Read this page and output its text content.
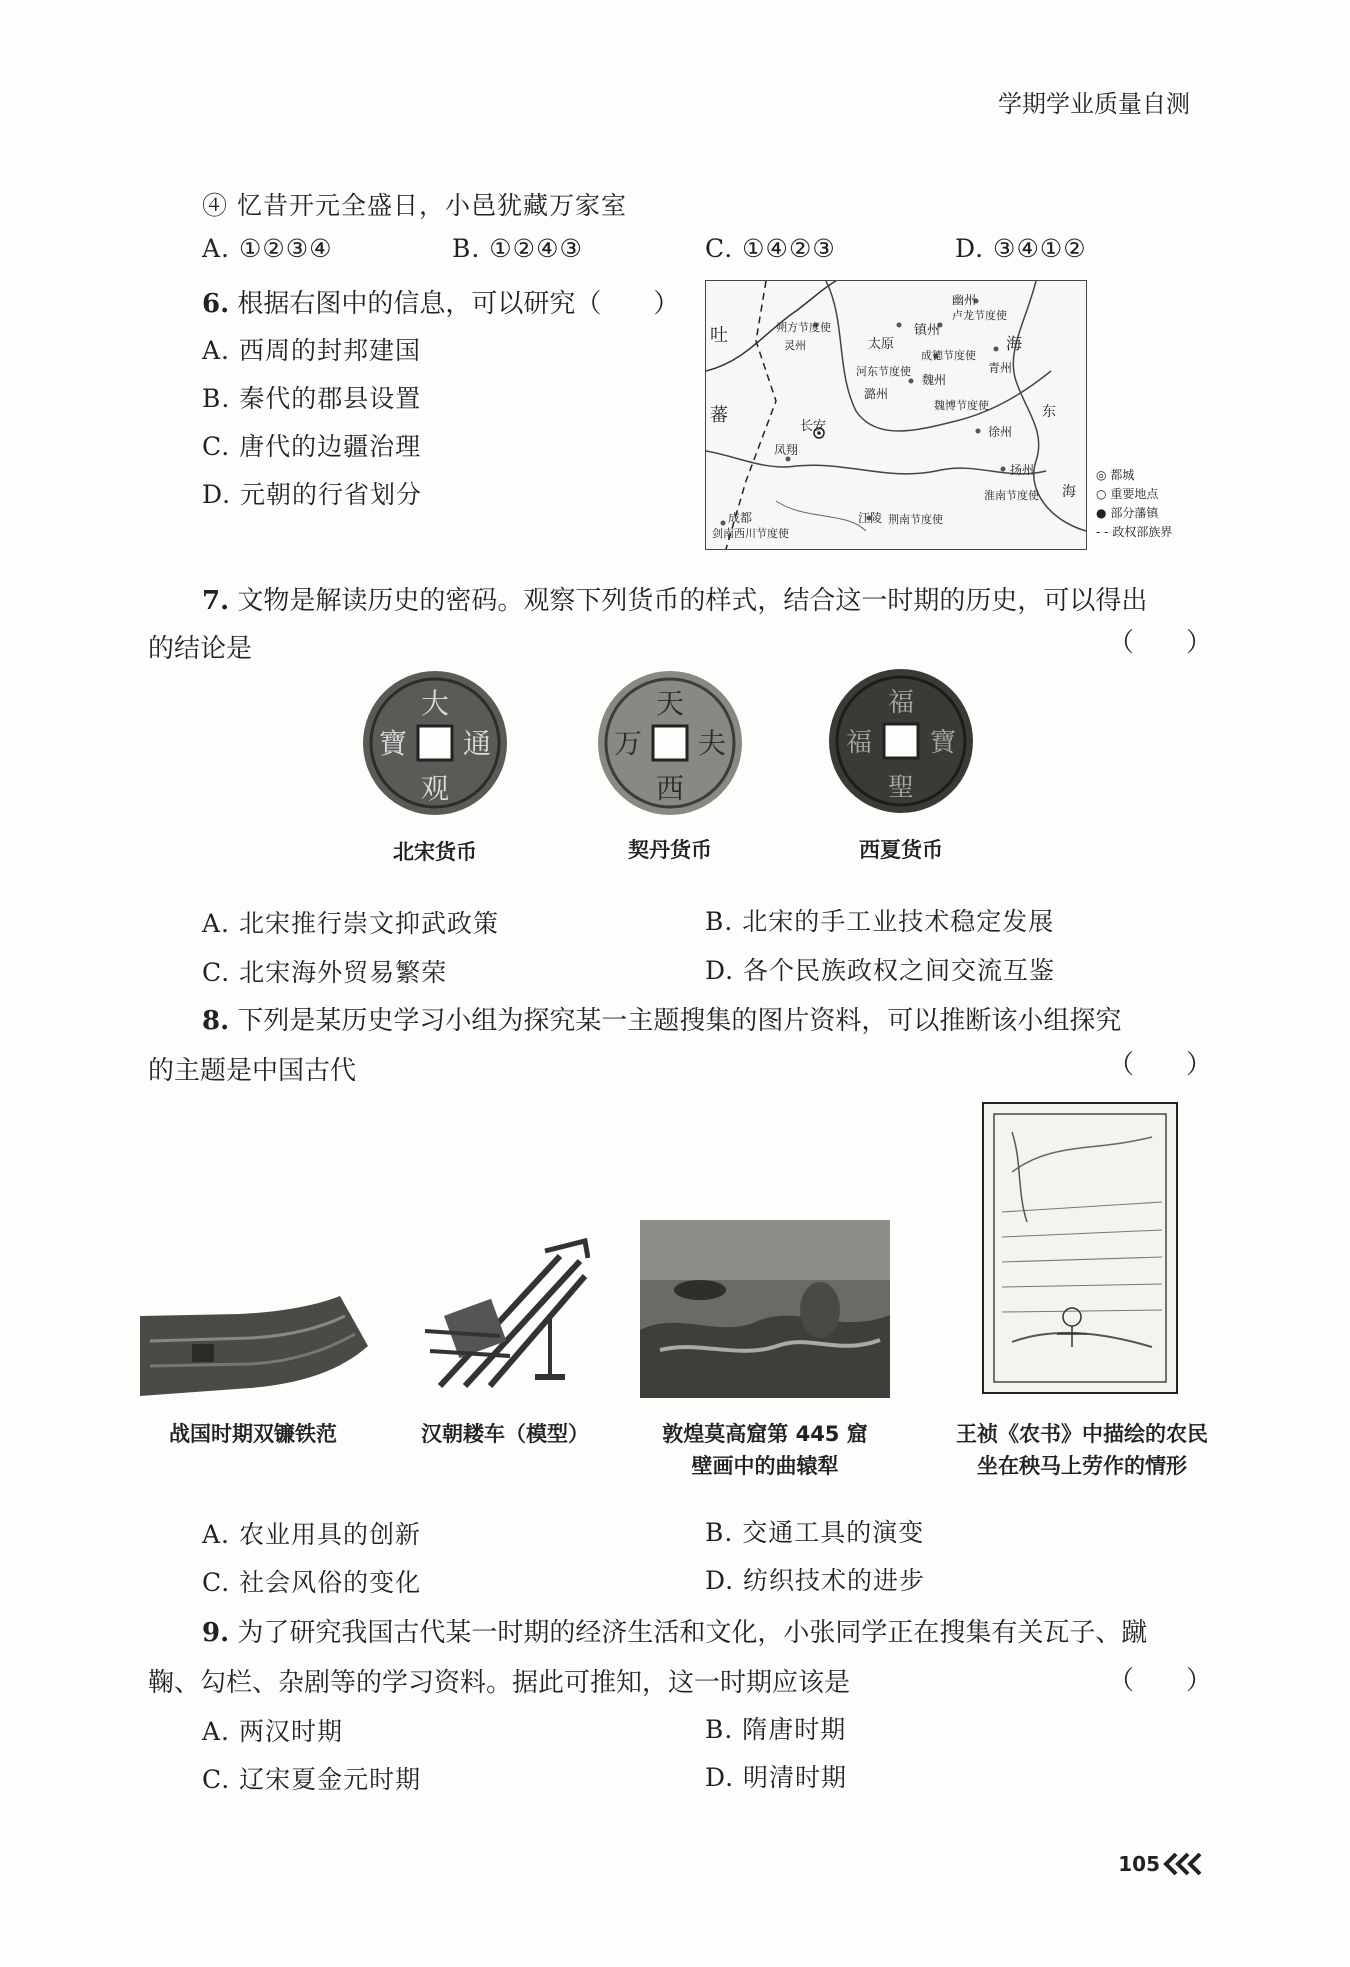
学期学业质量自测
④ 忆昔开元全盛日，小邑犹藏万家室
A. ①②③④	B. ①②④③	C. ①④②③	D. ③④①②
6. 根据右图中的信息，可以研究（　　）
A. 西周的封邦建国
B. 秦代的郡县设置
C. 唐代的边疆治理
D. 元朝的行省划分
吐
蕃
朔方节度使
灵州	太原
镇州
幽州
卢龙节度使
河东节度使
成德节度使
魏州
青州
潞州
魏博节度使
长安
凤翔
徐州
扬州
淮南节度使
成都
剑南西川节度使
江陵 荆南节度使
海
东
海
◎ 都城
○ 重要地点
● 部分藩镇
- - 政权部族界
7. 文物是解读历史的密码。观察下列货币的样式，结合这一时期的历史，可以得出
的结论是	（　　）
大
通
观
寶
天
夫
西
万
福
寶
聖
福
北宋货币	契丹货币	西夏货币
A. 北宋推行崇文抑武政策	B. 北宋的手工业技术稳定发展
C. 北宋海外贸易繁荣	D. 各个民族政权之间交流互鉴
8. 下列是某历史学习小组为探究某一主题搜集的图片资料，可以推断该小组探究
的主题是中国古代	（　　）
战国时期双镰铁范	汉朝耧车（模型）	敦煌莫高窟第 445 窟
壁画中的曲辕犁
王祯《农书》中描绘的农民
坐在秧马上劳作的情形
A. 农业用具的创新	B. 交通工具的演变
C. 社会风俗的变化	D. 纺织技术的进步
9. 为了研究我国古代某一时期的经济生活和文化，小张同学正在搜集有关瓦子、蹴
鞠、勾栏、杂剧等的学习资料。据此可推知，这一时期应该是	（　　）
A. 两汉时期	B. 隋唐时期
C. 辽宋夏金元时期	D. 明清时期
105
